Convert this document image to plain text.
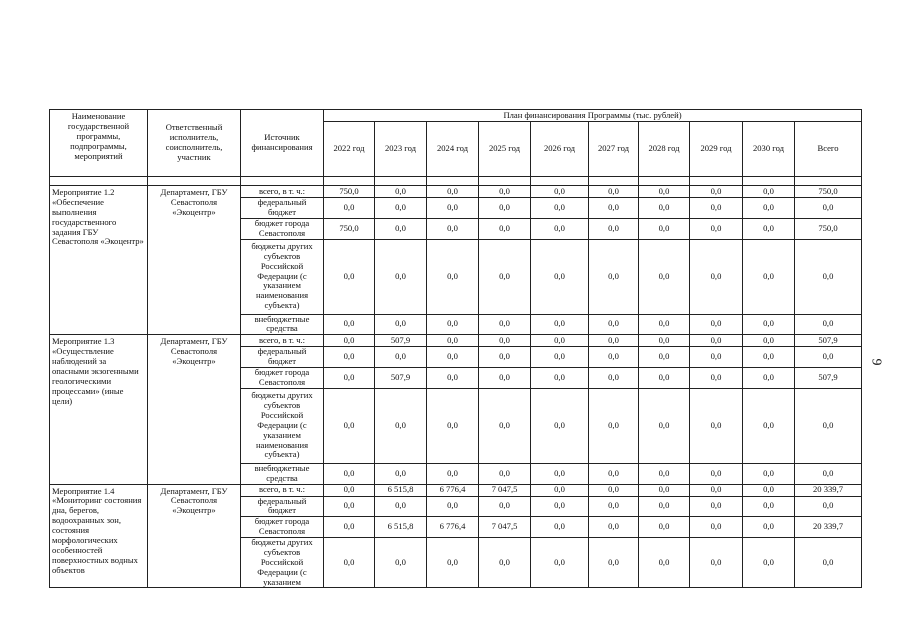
Наименование государственной программы, подпрограммы, мероприятий	Ответственный исполнитель, соисполнитель, участник	Источник финансирования	План финансирования Программы (тыс. рублей)									
			2022 год	2023 год	2024 год	2025 год	2026 год	2027 год	2028 год	2029 год	2030 год	Всего

Мероприятие 1.2 «Обеспечение выполнения государственного задания ГБУ Севастополя «Экоцентр»	Департамент, ГБУ Севастополя «Экоцентр»	всего, в т. ч.:	750,0	0,0	0,0	0,0	0,0	0,0	0,0	0,0	0,0	750,0
		федеральный бюджет	0,0	0,0	0,0	0,0	0,0	0,0	0,0	0,0	0,0	0,0
		бюджет города Севастополя	750,0	0,0	0,0	0,0	0,0	0,0	0,0	0,0	0,0	750,0
		бюджеты других субъектов Российской Федерации (с указанием наименования субъекта)	0,0	0,0	0,0	0,0	0,0	0,0	0,0	0,0	0,0	0,0
		внебюджетные средства	0,0	0,0	0,0	0,0	0,0	0,0	0,0	0,0	0,0	0,0
Мероприятие 1.3 «Осуществление наблюдений за опасными экзогенными геологическими процессами» (иные цели)	Департамент, ГБУ Севастополя «Экоцентр»	всего, в т. ч.:	0,0	507,9	0,0	0,0	0,0	0,0	0,0	0,0	0,0	507,9
		федеральный бюджет	0,0	0,0	0,0	0,0	0,0	0,0	0,0	0,0	0,0	0,0
		бюджет города Севастополя	0,0	507,9	0,0	0,0	0,0	0,0	0,0	0,0	0,0	507,9
		бюджеты других субъектов Российской Федерации (с указанием наименования субъекта)	0,0	0,0	0,0	0,0	0,0	0,0	0,0	0,0	0,0	0,0
		внебюджетные средства	0,0	0,0	0,0	0,0	0,0	0,0	0,0	0,0	0,0	0,0
Мероприятие 1.4 «Мониторинг состояния дна, берегов, водоохранных зон, состояния морфологических особенностей поверхностных водных объектов	Департамент, ГБУ Севастополя «Экоцентр»	всего, в т. ч.:	0,0	6 515,8	6 776,4	7 047,5	0,0	0,0	0,0	0,0	0,0	20 339,7
		федеральный бюджет	0,0	0,0	0,0	0,0	0,0	0,0	0,0	0,0	0,0	0,0
		бюджет города Севастополя	0,0	6 515,8	6 776,4	7 047,5	0,0	0,0	0,0	0,0	0,0	20 339,7
		бюджеты других субъектов Российской Федерации (с указанием	0,0	0,0	0,0	0,0	0,0	0,0	0,0	0,0	0,0	0,0
9
